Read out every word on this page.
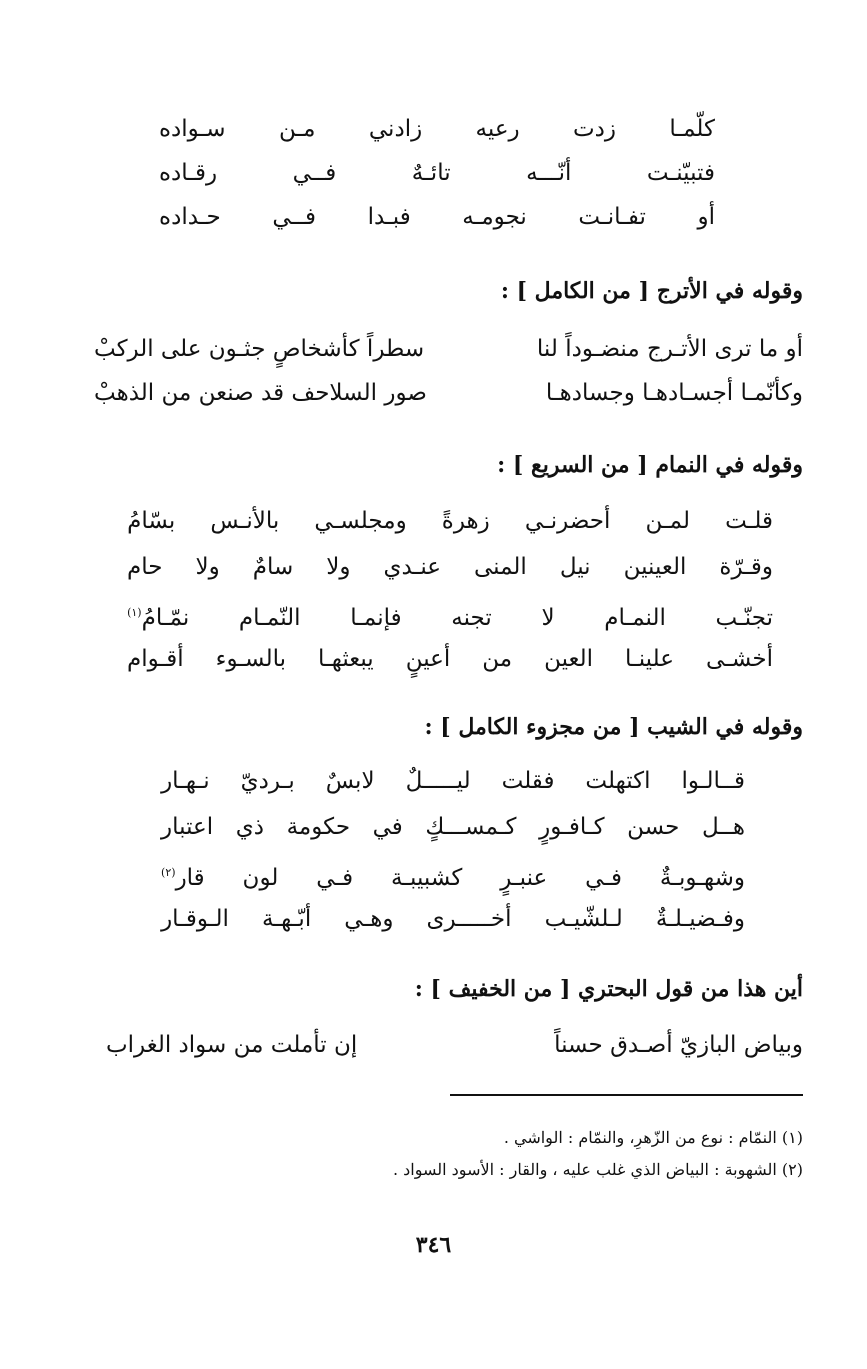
كلّمـا
زدت
رعيه
زادني
مـن
سـواده
فتبيّنـت
أنّـــه
تائـهٌ
فــي
رقـاده
أو
تفـانـت
نجومـه
فبـدا
فــي
حـداده
وقوله في الأترج [ من الكامل ] :
أو ما ترى الأتـرج منضـوداً لنا
سطراً كأشخاصٍ جثـون على الركبْ
وكأنّمـا أجسـادهـا وجسادهـا
صور السلاحف قد صنعن من الذهبْ
وقوله في النمام [ من السريع ] :
قلـت
لمـن
أحضرنـي
زهرةً
ومجلسـي
بالأنـس
بسّامُ
وقـرّة
العينين
نيل
المنى
عنـدي
ولا
سامٌ
ولا
حام
تجنّـب
النمـام
لا
تجنه
فإنمـا
النّمـام
نمّـامُ$^{(١)}$
أخشـى
علينـا
العين
من
أعينٍ
يبعثهـا
بالسـوء
أقـوام
وقوله في الشيب [ من مجزوء الكامل ] :
قــالـوا
اكتهلت
فقلت
ليـــــلٌ
لابسٌ
بـرديّ
نـهـار
هــل
حسن
كـافـورٍ
كـمســـكٍ
في
حكومة
ذي
اعتبار
وشهـوبـةٌ
فـي
عنبـرٍ
كشبيبـة
فـي
لون
قار$^{(٢)}$
وفـضيـلـةٌ
لـلشّيـب
أخـــــرى
وهـي
أبّـهـة
الـوقـار
أين هذا من قول البحتري [ من الخفيف ] :
وبياض البازيّ أصـدق حسناً
إن تأملت من سواد الغراب
(١) النمّام : نوع من الزّهرِ، والنمّام : الواشي .
(٢) الشهوبة : البياض الذي غلب عليه ، والقار : الأسود السواد .
٣٤٦
